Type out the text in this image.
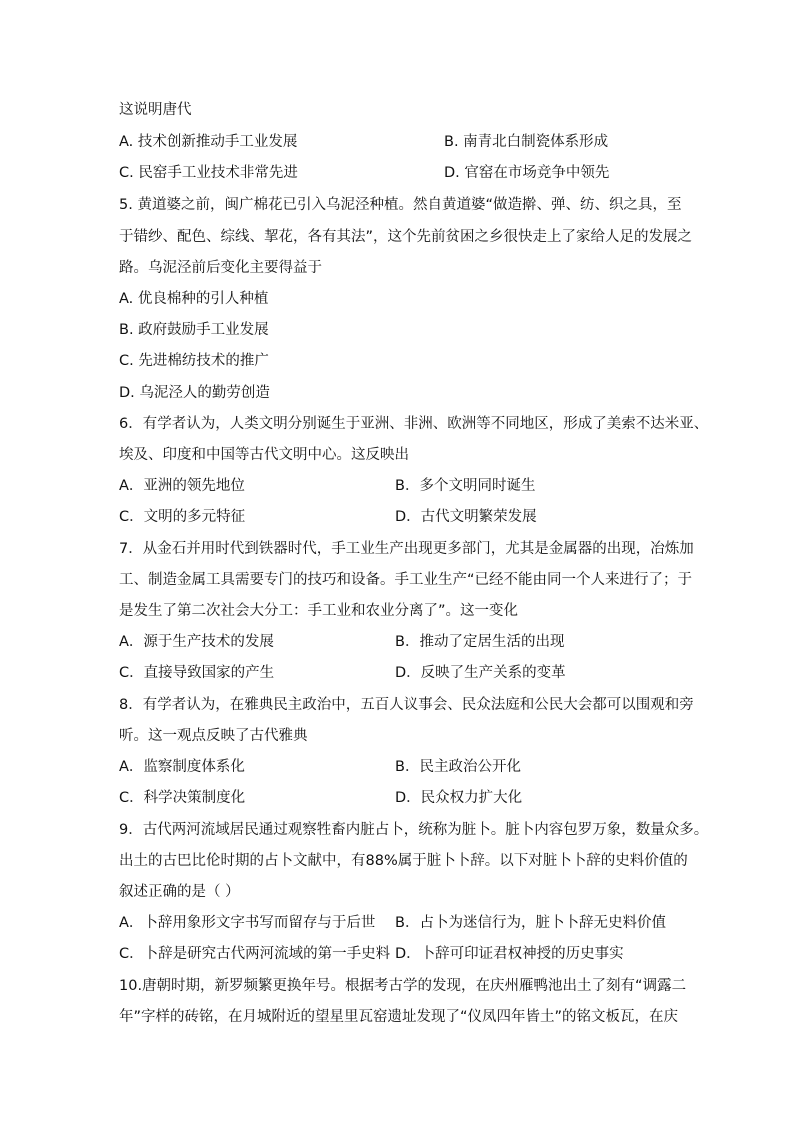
这说明唐代
A. 技术创新推动手工业发展	B. 南青北白制瓷体系形成
C. 民窑手工业技术非常先进	D. 官窑在市场竞争中领先
5. 黄道婆之前，闽广棉花已引入乌泥泾种植。然自黄道婆“做造擀、弹、纺、织之具，至
于错纱、配色、综线、挈花，各有其法”，这个先前贫困之乡很快走上了家给人足的发展之
路。乌泥泾前后变化主要得益于
A. 优良棉种的引人种植
B. 政府鼓励手工业发展
C. 先进棉纺技术的推广
D. 乌泥泾人的勤劳创造
6．有学者认为，人类文明分别诞生于亚洲、非洲、欧洲等不同地区，形成了美索不达米亚、
埃及、印度和中国等古代文明中心。这反映出
A．亚洲的领先地位	B．多个文明同时诞生
C．文明的多元特征	D．古代文明繁荣发展
7．从金石并用时代到铁器时代，手工业生产出现更多部门，尤其是金属器的出现，冶炼加
工、制造金属工具需要专门的技巧和设备。手工业生产“已经不能由同一个人来进行了；于
是发生了第二次社会大分工：手工业和农业分离了”。这一变化
A．源于生产技术的发展	B．推动了定居生活的出现
C．直接导致国家的产生	D．反映了生产关系的变革
8．有学者认为，在雅典民主政治中，五百人议事会、民众法庭和公民大会都可以围观和旁
听。这一观点反映了古代雅典
A．监察制度体系化	B．民主政治公开化
C．科学决策制度化	D．民众权力扩大化
9．古代两河流域居民通过观察牲畜内脏占卜，统称为脏卜。脏卜内容包罗万象，数量众多。
出土的古巴比伦时期的占卜文献中，有88%属于脏卜卜辞。以下对脏卜卜辞的史料价值的
叙述正确的是（ ）
A．卜辞用象形文字书写而留存与于后世 B．占卜为迷信行为，脏卜卜辞无史料价值
C．卜辞是研究古代两河流域的第一手史料 D．卜辞可印证君权神授的历史事实
10.唐朝时期，新罗频繁更换年号。根据考古学的发现，在庆州雁鸭池出土了刻有“调露二
年”字样的砖铭，在月城附近的望星里瓦窑遗址发现了“仪凤四年皆土”的铭文板瓦，在庆
